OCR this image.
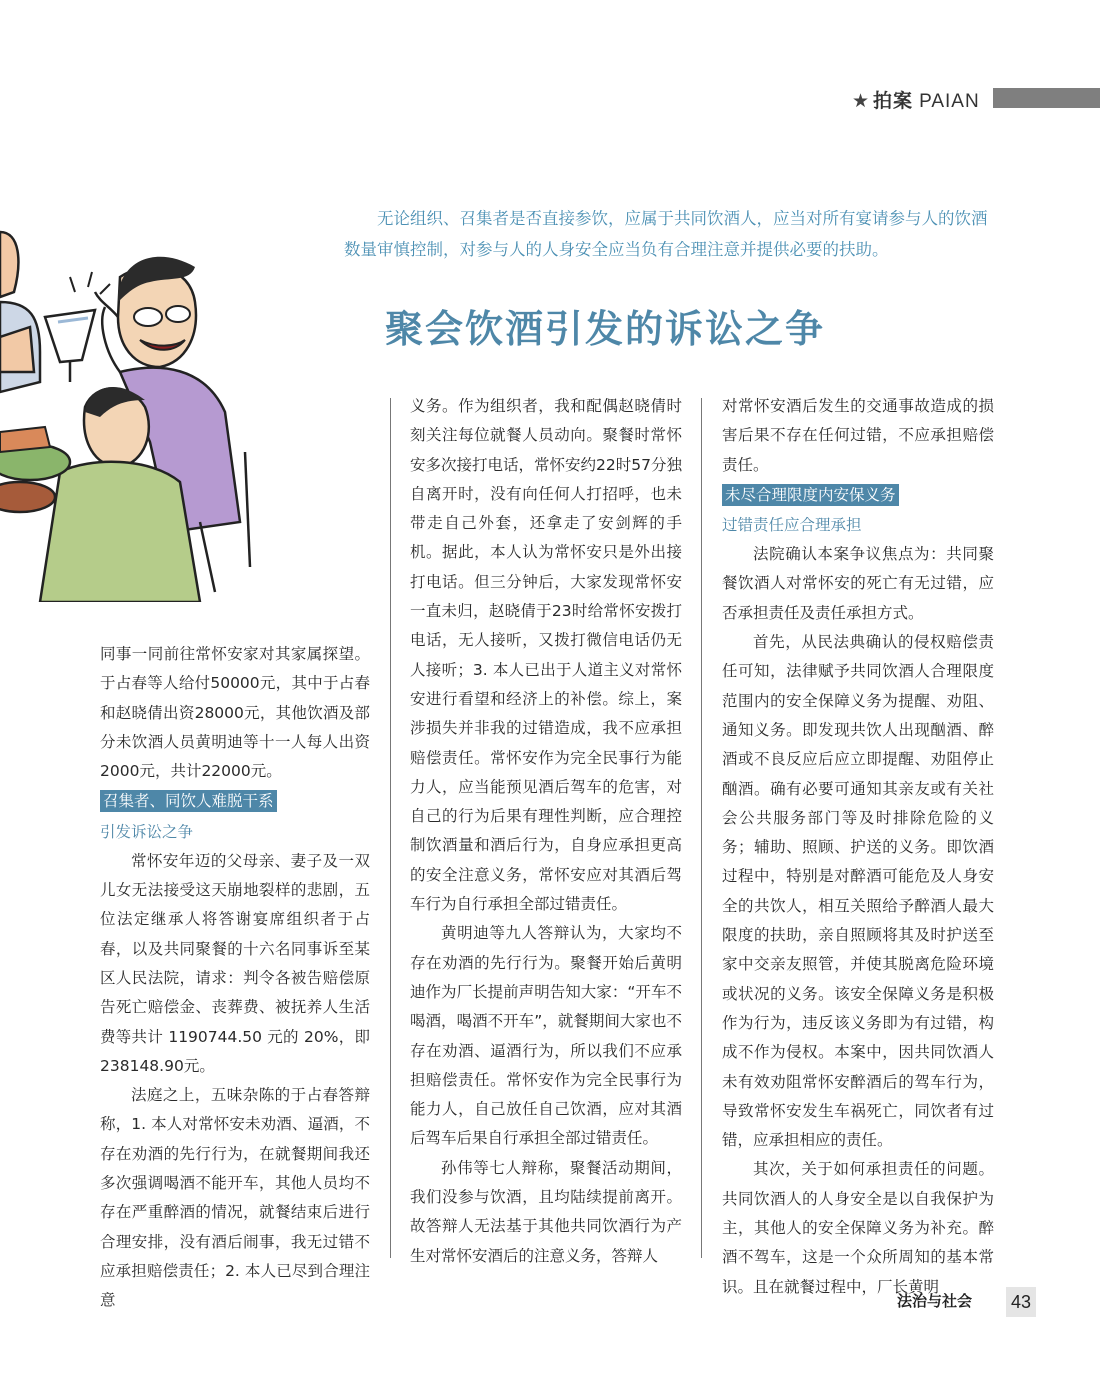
★ 拍案 PAIAN
无论组织、召集者是否直接参饮，应属于共同饮酒人，应当对所有宴请参与人的饮酒数量审慎控制，对参与人的人身安全应当负有合理注意并提供必要的扶助。
聚会饮酒引发的诉讼之争

同事一同前往常怀安家对其家属探望。于占春等人给付50000元，其中于占春和赵晓倩出资28000元，其他饮酒及部分未饮酒人员黄明迪等十一人每人出资2000元，共计22000元。

召集者、同饮人难脱干系
引发诉讼之争

常怀安年迈的父母亲、妻子及一双儿女无法接受这天崩地裂样的悲剧，五位法定继承人将答谢宴席组织者于占春，以及共同聚餐的十六名同事诉至某区人民法院，请求：判令各被告赔偿原告死亡赔偿金、丧葬费、被抚养人生活费等共计 1190744.50 元的 20%，即238148.90元。

法庭之上，五味杂陈的于占春答辩称，1. 本人对常怀安未劝酒、逼酒，不存在劝酒的先行行为，在就餐期间我还多次强调喝酒不能开车，其他人员均不存在严重醉酒的情况，就餐结束后进行合理安排，没有酒后闹事，我无过错不应承担赔偿责任；2. 本人已尽到合理注意

义务。作为组织者，我和配偶赵晓倩时刻关注每位就餐人员动向。聚餐时常怀安多次接打电话，常怀安约22时57分独自离开时，没有向任何人打招呼，也未带走自己外套，还拿走了安剑辉的手机。据此，本人认为常怀安只是外出接打电话。但三分钟后，大家发现常怀安一直未归，赵晓倩于23时给常怀安拨打电话，无人接听，又拨打微信电话仍无人接听；3. 本人已出于人道主义对常怀安进行看望和经济上的补偿。综上，案涉损失并非我的过错造成，我不应承担赔偿责任。常怀安作为完全民事行为能力人，应当能预见酒后驾车的危害，对自己的行为后果有理性判断，应合理控制饮酒量和酒后行为，自身应承担更高的安全注意义务，常怀安应对其酒后驾车行为自行承担全部过错责任。

黄明迪等九人答辩认为，大家均不存在劝酒的先行行为。聚餐开始后黄明迪作为厂长提前声明告知大家：“开车不喝酒，喝酒不开车”，就餐期间大家也不存在劝酒、逼酒行为，所以我们不应承担赔偿责任。常怀安作为完全民事行为能力人，自己放任自己饮酒，应对其酒后驾车后果自行承担全部过错责任。

孙伟等七人辩称，聚餐活动期间，我们没参与饮酒，且均陆续提前离开。故答辩人无法基于其他共同饮酒行为产生对常怀安酒后的注意义务，答辩人

对常怀安酒后发生的交通事故造成的损害后果不存在任何过错，不应承担赔偿责任。

未尽合理限度内安保义务
过错责任应合理承担

法院确认本案争议焦点为：共同聚餐饮酒人对常怀安的死亡有无过错，应否承担责任及责任承担方式。

首先，从民法典确认的侵权赔偿责任可知，法律赋予共同饮酒人合理限度范围内的安全保障义务为提醒、劝阻、通知义务。即发现共饮人出现酗酒、醉酒或不良反应后应立即提醒、劝阻停止酗酒。确有必要可通知其亲友或有关社会公共服务部门等及时排除危险的义务；辅助、照顾、护送的义务。即饮酒过程中，特别是对醉酒可能危及人身安全的共饮人，相互关照给予醉酒人最大限度的扶助，亲自照顾将其及时护送至家中交亲友照管，并使其脱离危险环境或状况的义务。该安全保障义务是积极作为行为，违反该义务即为有过错，构成不作为侵权。本案中，因共同饮酒人未有效劝阻常怀安醉酒后的驾车行为，导致常怀安发生车祸死亡，同饮者有过错，应承担相应的责任。

其次，关于如何承担责任的问题。共同饮酒人的人身安全是以自我保护为主，其他人的安全保障义务为补充。醉酒不驾车，这是一个众所周知的基本常识。且在就餐过程中，厂长黄明

法治与社会 43
